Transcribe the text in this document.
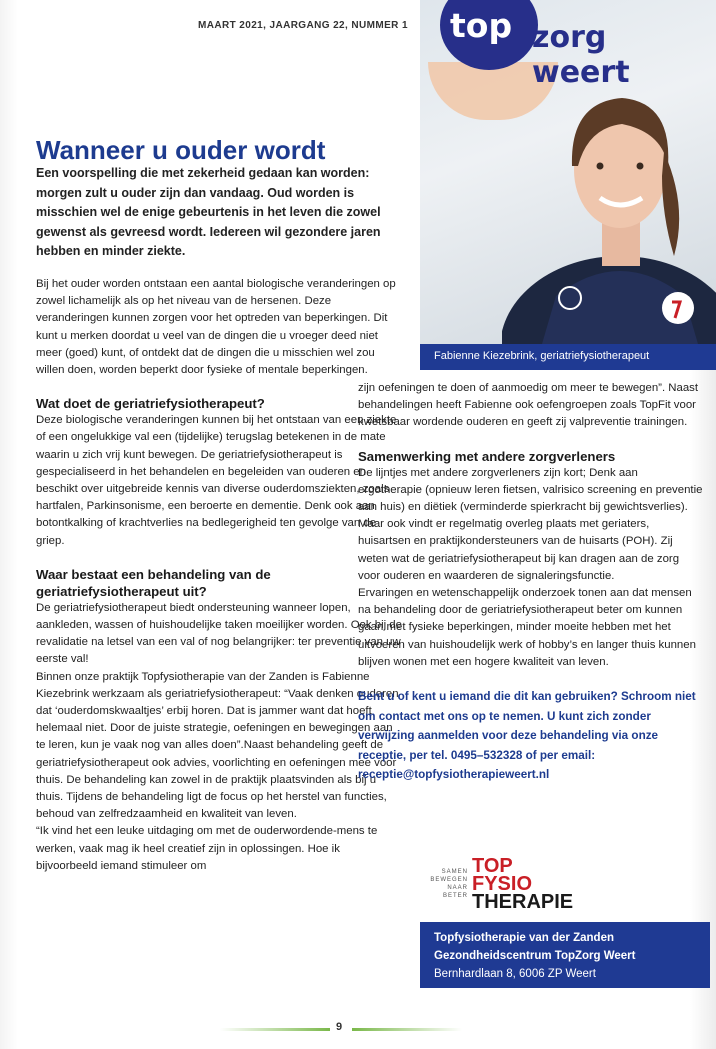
MAART 2021, JAARGANG 22, NUMMER 1 top zorg weert
Fabienne Kiezebrink, geriatriefysiotherapeut
Wanneer u ouder wordt

Een voorspelling die met zekerheid gedaan kan worden: morgen zult u ouder zijn dan vandaag. Oud worden is misschien wel de enige gebeurtenis in het leven die zowel gewenst als gevreesd wordt. Iedereen wil gezondere jaren hebben en minder ziekte.

Bij het ouder worden ontstaan een aantal biologische veranderingen op zowel lichamelijk als op het niveau van de hersenen. Deze veranderingen kunnen zorgen voor het optreden van beperkingen. Dit kunt u merken doordat u veel van de dingen die u vroeger deed niet meer (goed) kunt, of ontdekt dat de dingen die u misschien wel zou willen doen, worden beperkt door fysieke of mentale beperkingen.

Wat doet de geriatriefysiotherapeut?

Deze biologische veranderingen kunnen bij het ontstaan van een ziekte of een ongelukkige val een (tijdelijke) terugslag betekenen in de mate waarin u zich vrij kunt bewegen. De geriatriefysiotherapeut is gespecialiseerd in het behandelen en begeleiden van ouderen en beschikt over uitgebreide kennis van diverse ouderdomsziekten, zoals hartfalen, Parkinsonisme, een beroerte en dementie. Denk ook aan botontkalking of krachtverlies na bedlegerigheid ten gevolge van de griep.

Waar bestaat een behandeling van de geriatriefysiotherapeut uit?

De geriatriefysiotherapeut biedt ondersteuning wanneer lopen, aankleden, wassen of huishoudelijke taken moeilijker worden. Ook bij de revalidatie na letsel van een val of nog belangrijker: ter preventie van uw eerste val!

Binnen onze praktijk Topfysiotherapie van der Zanden is Fabienne Kiezebrink werkzaam als geriatriefysiotherapeut: “Vaak denken ouderen dat ‘ouderdomskwaaltjes’ erbij horen. Dat is jammer want dat hoeft helemaal niet. Door de juiste strategie, oefeningen en bewegingen aan te leren, kun je vaak nog van alles doen”.Naast behandeling geeft de geriatriefysiotherapeut ook advies, voorlichting en oefeningen mee voor thuis. De behandeling kan zowel in de praktijk plaatsvinden als bij u thuis. Tijdens de behandeling ligt de focus op het herstel van functies, behoud van zelfredzaamheid en kwaliteit van leven.

“Ik vind het een leuke uitdaging om met de ouderwordende-mens te werken, vaak mag ik heel creatief zijn in oplossingen. Hoe ik bijvoorbeeld iemand stimuleer om

zijn oefeningen te doen of aanmoedig om meer te bewegen”. Naast behandelingen heeft Fabienne ook oefengroepen zoals TopFit voor kwetsbaar wordende ouderen en geeft zij valpreventie trainingen.

Samenwerking met andere zorgverleners

De lijntjes met andere zorgverleners zijn kort; Denk aan ergotherapie (opnieuw leren fietsen, valrisico screening en preventie aan huis) en diëtiek (verminderde spierkracht bij gewichtsverlies). Maar ook vindt er regelmatig overleg plaats met geriaters, huisartsen en praktijkondersteuners van de huisarts (POH). Zij weten wat de geriatriefysiotherapeut bij kan dragen aan de zorg voor ouderen en waarderen de signaleringsfunctie.

Ervaringen en wetenschappelijk onderzoek tonen aan dat mensen na behandeling door de geriatriefysiotherapeut beter om kunnen gaan met fysieke beperkingen, minder moeite hebben met het uitvoeren van huishoudelijk werk of hobby’s en langer thuis kunnen blijven wonen met een hogere kwaliteit van leven.

Bent u of kent u iemand die dit kan gebruiken? Schroom niet om contact met ons op te nemen. U kunt zich zonder verwijzing aanmelden voor deze behandeling via onze receptie, per tel. 0495–532328 of per email: receptie@topfysiotherapieweert.nl

SAMEN BEWEGEN NAAR BETER
TOP
FYSIO
THERAPIE
Topfysiotherapie van der Zanden
Gezondheidscentrum TopZorg Weert
Bernhardlaan 8, 6006 ZP Weert
9
